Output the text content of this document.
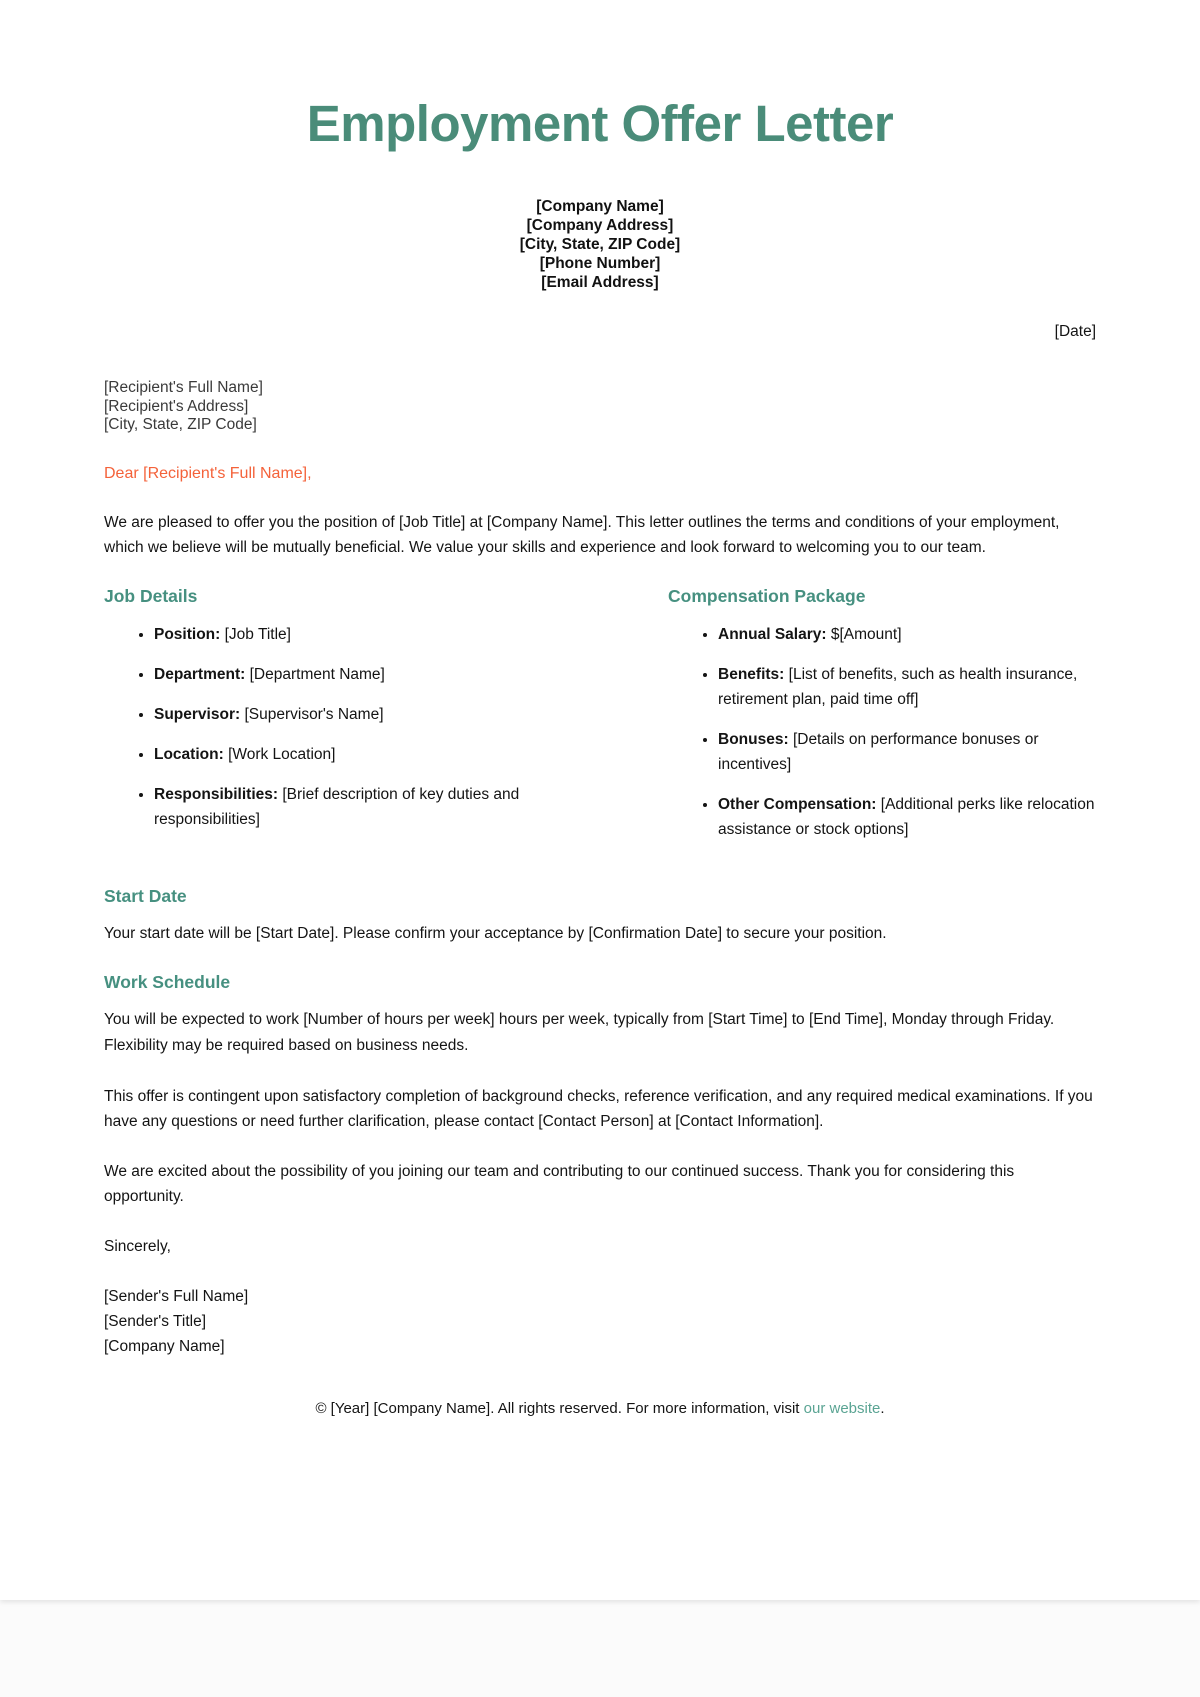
Employment Offer Letter
[Company Name]
[Company Address]
[City, State, ZIP Code]
[Phone Number]
[Email Address]
[Date]
[Recipient's Full Name]
[Recipient's Address]
[City, State, ZIP Code]

Dear [Recipient's Full Name],

We are pleased to offer you the position of [Job Title] at [Company Name]. This letter outlines the terms and conditions of your employment, which we believe will be mutually beneficial. We value your skills and experience and look forward to welcoming you to our team.

Job Details
• Position: [Job Title]
• Department: [Department Name]
• Supervisor: [Supervisor's Name]
• Location: [Work Location]
• Responsibilities: [Brief description of key duties and responsibilities]
Compensation Package
• Annual Salary: $[Amount]
• Benefits: [List of benefits, such as health insurance, retirement plan, paid time off]
• Bonuses: [Details on performance bonuses or incentives]
• Other Compensation: [Additional perks like relocation assistance or stock options]
Start Date

Your start date will be [Start Date]. Please confirm your acceptance by [Confirmation Date] to secure your position.

Work Schedule

You will be expected to work [Number of hours per week] hours per week, typically from [Start Time] to [End Time], Monday through Friday. Flexibility may be required based on business needs.

This offer is contingent upon satisfactory completion of background checks, reference verification, and any required medical examinations. If you have any questions or need further clarification, please contact [Contact Person] at [Contact Information].

We are excited about the possibility of you joining our team and contributing to our continued success. Thank you for considering this opportunity.

Sincerely,

[Sender's Full Name]
[Sender's Title]
[Company Name]
© [Year] [Company Name]. All rights reserved. For more information, visit our website.
